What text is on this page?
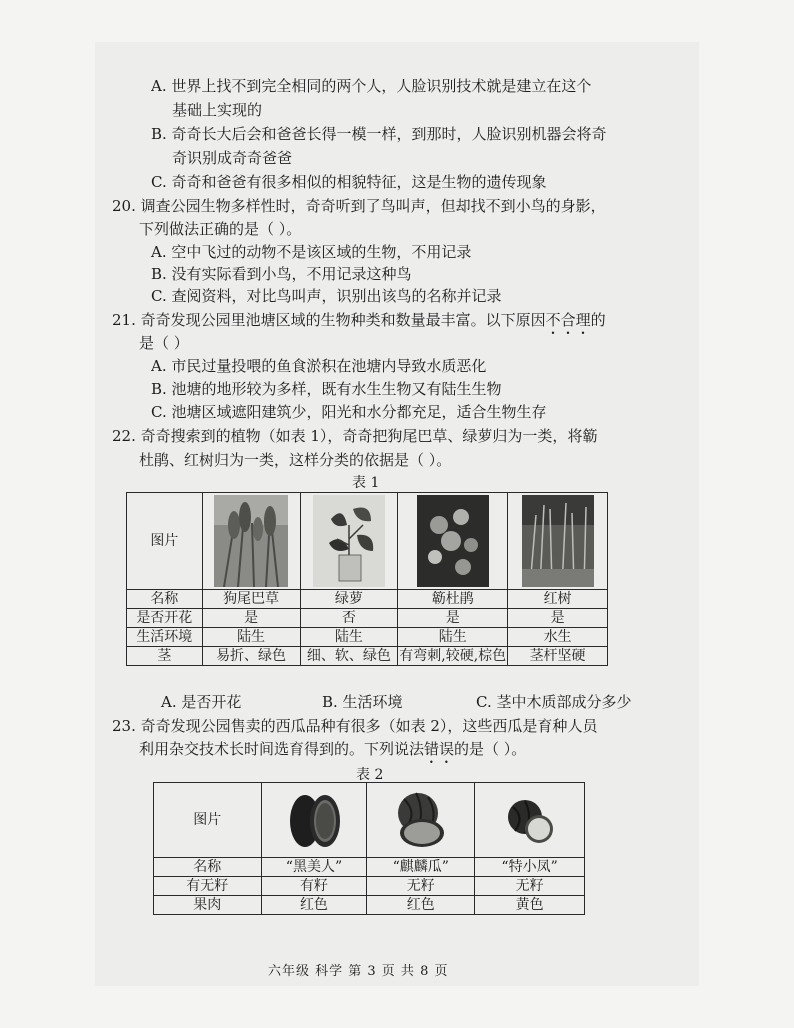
A. 世界上找不到完全相同的两个人，人脸识别技术就是建立在这个
基础上实现的
B. 奇奇长大后会和爸爸长得一模一样，到那时，人脸识别机器会将奇
奇识别成奇奇爸爸
C. 奇奇和爸爸有很多相似的相貌特征，这是生物的遗传现象
20. 调查公园生物多样性时，奇奇听到了鸟叫声，但却找不到小鸟的身影，
下列做法正确的是（ ）。
A. 空中飞过的动物不是该区域的生物，不用记录
B. 没有实际看到小鸟，不用记录这种鸟
C. 查阅资料，对比鸟叫声，识别出该鸟的名称并记录
21. 奇奇发现公园里池塘区域的生物种类和数量最丰富。以下原因不合理的
是（ ）
A. 市民过量投喂的鱼食淤积在池塘内导致水质恶化
B. 池塘的地形较为多样，既有水生生物又有陆生生物
C. 池塘区域遮阳建筑少，阳光和水分都充足，适合生物生存
22. 奇奇搜索到的植物（如表 1），奇奇把狗尾巴草、绿萝归为一类，将簕
杜鹃、红树归为一类，这样分类的依据是（ ）。
表 1
图片				
名称	狗尾巴草	绿萝	簕杜鹃	红树
是否开花	是	否	是	是
生活环境	陆生	陆生	陆生	水生
茎	易折、绿色	细、软、绿色	有弯刺,较硬,棕色	茎杆坚硬
A. 是否开花	B. 生活环境	C. 茎中木质部成分多少
23. 奇奇发现公园售卖的西瓜品种有很多（如表 2），这些西瓜是育种人员
利用杂交技术长时间选育得到的。下列说法错误的是（ ）。
表 2
图片			
名称	“黑美人”	“麒麟瓜”	“特小凤”
有无籽	有籽	无籽	无籽
果肉	红色	红色	黄色
六年级 科学 第 3 页 共 8 页
